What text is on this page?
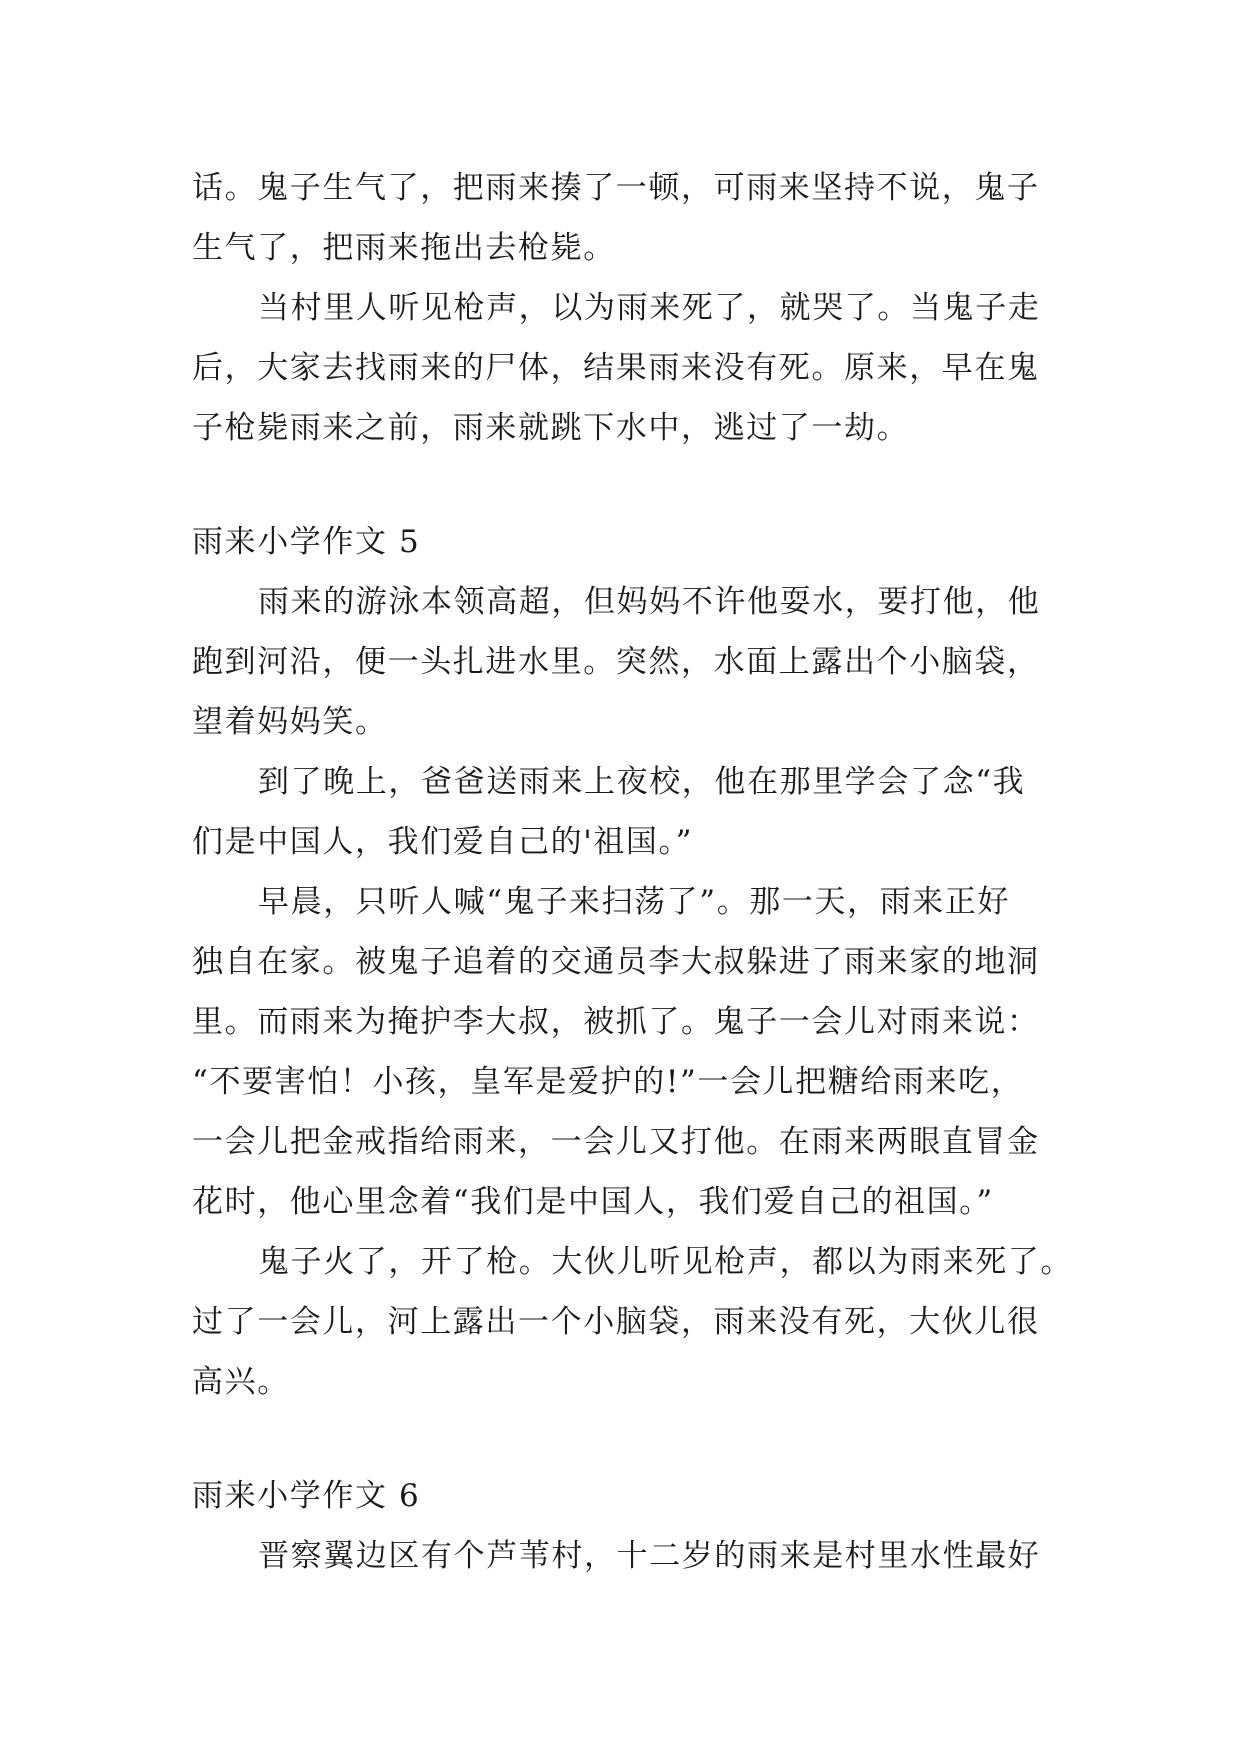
话。鬼子生气了，把雨来揍了一顿，可雨来坚持不说，鬼子
生气了，把雨来拖出去枪毙。
当村里人听见枪声，以为雨来死了，就哭了。当鬼子走
后，大家去找雨来的尸体，结果雨来没有死。原来，早在鬼
子枪毙雨来之前，雨来就跳下水中，逃过了一劫。
雨来小学作文 5
雨来的游泳本领高超，但妈妈不许他耍水，要打他，他
跑到河沿，便一头扎进水里。突然，水面上露出个小脑袋，
望着妈妈笑。
到了晚上，爸爸送雨来上夜校，他在那里学会了念“我
们是中国人，我们爱自己的'祖国。”
早晨，只听人喊“鬼子来扫荡了”。那一天，雨来正好
独自在家。被鬼子追着的交通员李大叔躲进了雨来家的地洞
里。而雨来为掩护李大叔，被抓了。鬼子一会儿对雨来说：
“不要害怕！小孩，皇军是爱护的!”一会儿把糖给雨来吃，
一会儿把金戒指给雨来，一会儿又打他。在雨来两眼直冒金
花时，他心里念着“我们是中国人，我们爱自己的祖国。”
鬼子火了，开了枪。大伙儿听见枪声，都以为雨来死了。
过了一会儿，河上露出一个小脑袋，雨来没有死，大伙儿很
高兴。
雨来小学作文 6
晋察翼边区有个芦苇村，十二岁的雨来是村里水性最好
